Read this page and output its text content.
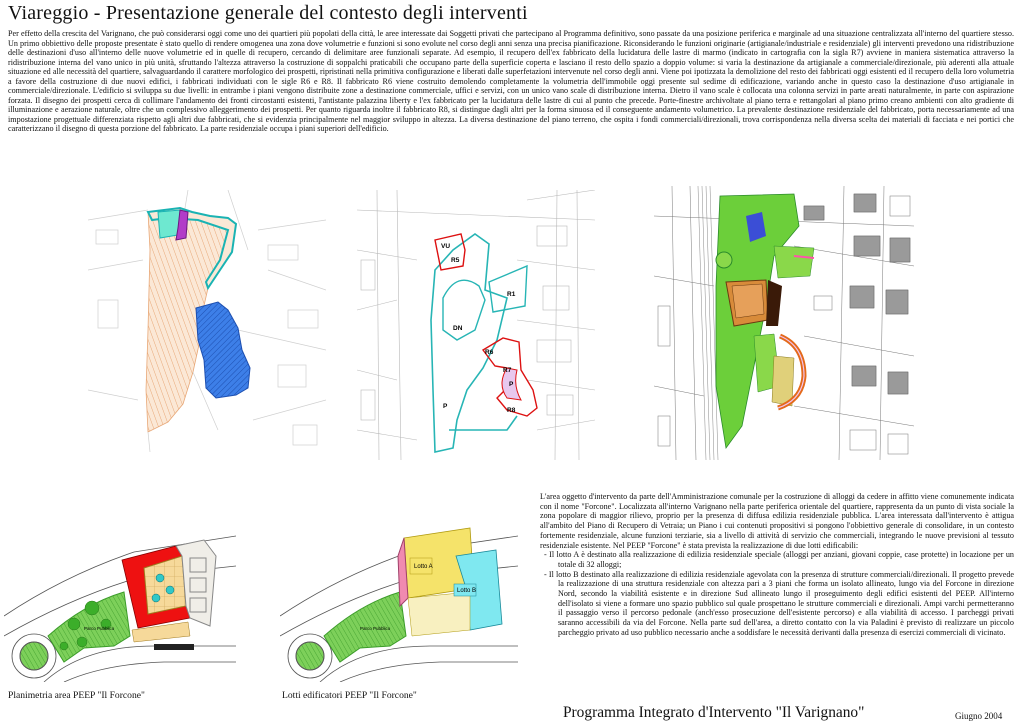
Viareggio - Presentazione generale del contesto degli interventi
Per effetto della crescita del Varignano, che può considerarsi oggi come uno dei quartieri più popolati della città, le aree interessate dai Soggetti privati che partecipano al Programma definitivo, sono passate da una posizione periferica e marginale ad una situazione centralizzata all'interno del quartiere stesso. Un primo obbiettivo delle proposte presentate è stato quello di rendere omogenea una zona dove volumetrie e funzioni si sono evolute nel corso degli anni senza una precisa pianificazione. Riconsiderando le funzioni originarie (artigianale/industriale e residenziale) gli interventi prevedono una ridistribuzione delle destinazioni d'uso all'interno delle nuove volumetrie ed in quelle di recupero, cercando di delimitare aree funzionali separate. Ad esempio, il recupero dell'ex fabbricato della lucidatura delle lastre di marmo (indicato in cartografia con la sigla R7) avviene in maniera sistematica attraverso la ridistribuzione interna del vano unico in più unità, sfruttando l'altezza attraverso la costruzione di soppalchi praticabili che occupano parte della superficie coperta e lasciano il resto dello spazio a doppio volume: si varia la destinazione da artigianale a commerciale/direzionale, più aderenti alla attuale situazione ed alle necessità del quartiere, salvaguardando il carattere morfologico dei prospetti, ripristinati nella primitiva configurazione e liberati dalle superfetazioni intervenute nel corso degli anni. Viene poi ipotizzata la demolizione del resto dei fabbricati oggi esistenti ed il recupero della loro volumetria a favore della costruzione di due nuovi edifici, i fabbricati individuati con le sigle R6 e R8. Il fabbricato R6 viene costruito demolendo completamente la volumetria dell'immobile oggi presente sul sedime di edificazione, variando anche in questo caso la destinazione d'uso artigianale in commerciale/direzionale. L'edificio si sviluppa su due livelli: in entrambe i piani vengono distribuite zone a destinazione commerciale, uffici e servizi, con un unico vano scale di distribuzione interna. Dietro il vano scale è collocata una colonna servizi in parte areati naturalmente, in parte con aspirazione forzata. Il disegno dei prospetti cerca di collimare l'andamento dei fronti circostanti esistenti, l'antistante palazzina liberty e l'ex fabbricato per la lucidatura delle lastre di cui al punto che precede. Porte-finestre archivoltate al piano terra e rettangolari al piano primo creano ambienti con alto gradiente di illuminazione e aerazione naturale, oltre che un complessivo alleggerimento dei prospetti. Per quanto riguarda inoltre il fabbricato R8, si distingue dagli altri per la forma sinuosa ed il conseguente andamento volumetrico. La prevalente destinazione residenziale del fabbricato, porta necessariamente ad una impostazione progettuale differenziata rispetto agli altri due fabbricati, che si evidenzia principalmente nel maggior sviluppo in altezza. La diversa destinazione del piano terreno, che ospita i fondi commerciali/direzionali, trova corrispondenza nella diversa scelta dei materiali di facciata e nei portici che caratterizzano il disegno di questa porzione del fabbricato. La parte residenziale occupa i piani superiori dell'edificio.
VU
R5
R1
DN
R6
R7
P
P
R8
Parco Pubblico
Lotto A
Lotto B
Parco Pubblico

L'area oggetto d'intervento da parte dell'Amministrazione comunale per la costruzione di alloggi da cedere in affitto viene comunemente indicata con il nome "Forcone". Localizzata all'interno Varignano nella parte periferica orientale del quartiere, rappresenta da un punto di vista sociale la zona popolare di maggior rilievo, proprio per la presenza di diffusa edilizia residenziale pubblica. L'area interessata dall'intervento è attigua all'ambito del Piano di Recupero di Vetraia; un Piano i cui contenuti propositivi si pongono l'obbiettivo generale di consolidare, in un contesto fortemente residenziale, alcune funzioni terziarie, sia a livello di attività di servizio che commerciali, integrando le nuove previsioni al tessuto residenziale esistente. Nel PEEP "Forcone" è stata prevista la realizzazione di due lotti edificabili:

- Il lotto A è destinato alla realizzazione di edilizia residenziale speciale (alloggi per anziani, giovani coppie, case protette) in locazione per un totale di 32 alloggi;

- Il lotto B destinato alla realizzazione di edilizia residenziale agevolata con la presenza di strutture commerciali/direzionali. Il progetto prevede la realizzazione di una struttura residenziale con altezza pari a 3 piani che forma un isolato allineato, lungo via del Forcone in direzione Nord, secondo la viabilità esistente e in direzione Sud allineato lungo il proseguimento degli edifici esistenti del PEEP. All'interno dell'isolato si viene a formare uno spazio pubblico sul quale prospettano le strutture commerciali e direzionali. Ampi varchi permetteranno il passaggio verso il percorso pedonale (anch'esso prosecuzione dell'esistente percorso) e alla viabilità di accesso. I parcheggi privati saranno accessibili da via del Forcone. Nella parte sud dell'area, a diretto contatto con la via Paladini è previsto di realizzare un piccolo parcheggio privato ad uso pubblico necessario anche a soddisfare le necessità derivanti dalla presenza di esercizi commerciali di vicinato.

Planimetria area PEEP "Il Forcone"	Lotti edificatori PEEP "Il Forcone"
Programma Integrato d'Intervento "Il Varignano"	Giugno 2004
